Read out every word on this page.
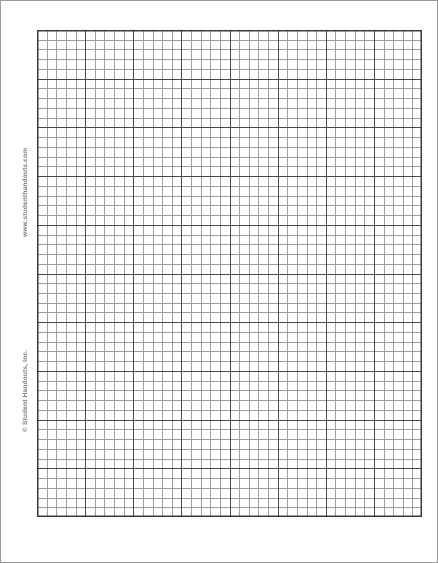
www.studenthandouts.com
© Student Handouts, Inc.
